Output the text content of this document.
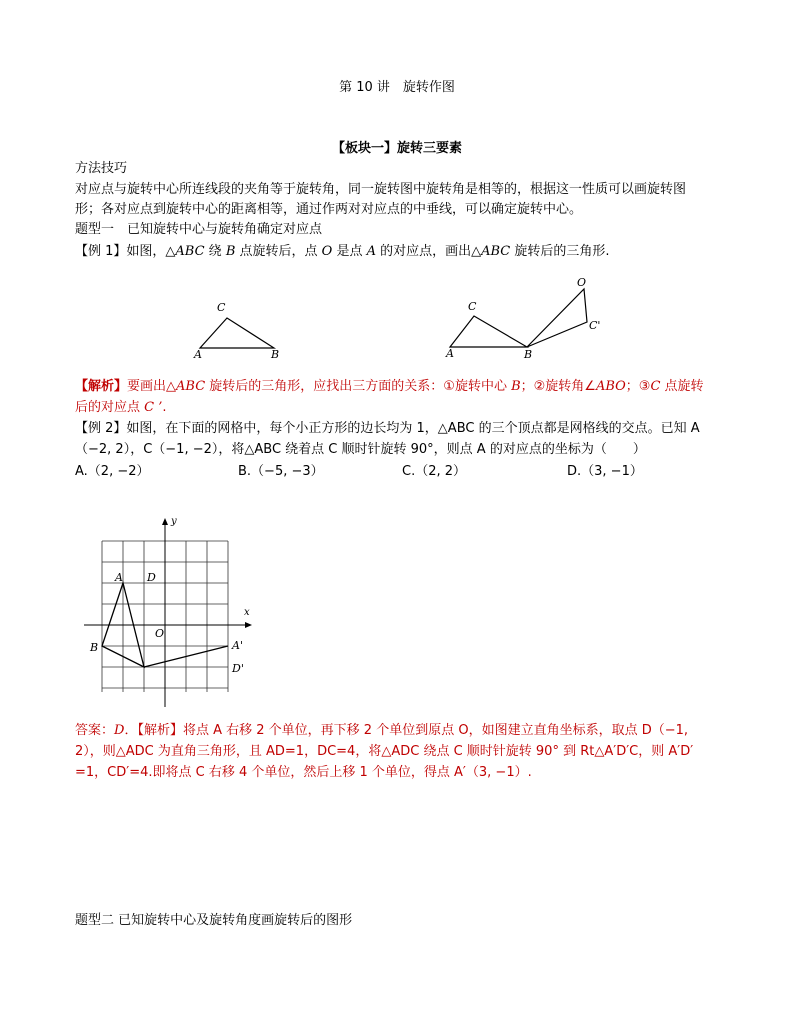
第 10 讲　旋转作图
【板块一】旋转三要素
方法技巧
对应点与旋转中心所连线段的夹角等于旋转角，同一旋转图中旋转角是相等的，根据这一性质可以画旋转图
形；各对应点到旋转中心的距离相等，通过作两对对应点的中垂线，可以确定旋转中心。
题型一　已知旋转中心与旋转角确定对应点
【例 1】如图，△ABC 绕 B 点旋转后，点 O 是点 A 的对应点，画出△ABC 旋转后的三角形.
C
A	B
C
A	B
O
C'
【解析】要画出△ABC 旋转后的三角形，应找出三方面的关系：①旋转中心 B；②旋转角∠ABO；③C 点旋转
后的对应点 C ’.
【例 2】如图，在下面的网格中，每个小正方形的边长均为 1，△ABC 的三个顶点都是网格线的交点。已知 A
（−2, 2），C（−1, −2），将△ABC 绕着点 C 顺时针旋转 90°，则点 A 的对应点的坐标为（　　）
A.（2, −2）	B.（−5, −3）	C.（2, 2）	D.（3, −1）
y
x
A D
O
B	A'
D'
答案：D．【解析】将点 A 右移 2 个单位，再下移 2 个单位到原点 O，如图建立直角坐标系，取点 D（−1,
2），则△ADC 为直角三角形，且 AD=1，DC=4，将△ADC 绕点 C 顺时针旋转 90° 到 Rt△A′D′C，则 A′D′
=1，CD′=4.即将点 C 右移 4 个单位，然后上移 1 个单位，得点 A′（3, −1）.
题型二 已知旋转中心及旋转角度画旋转后的图形
